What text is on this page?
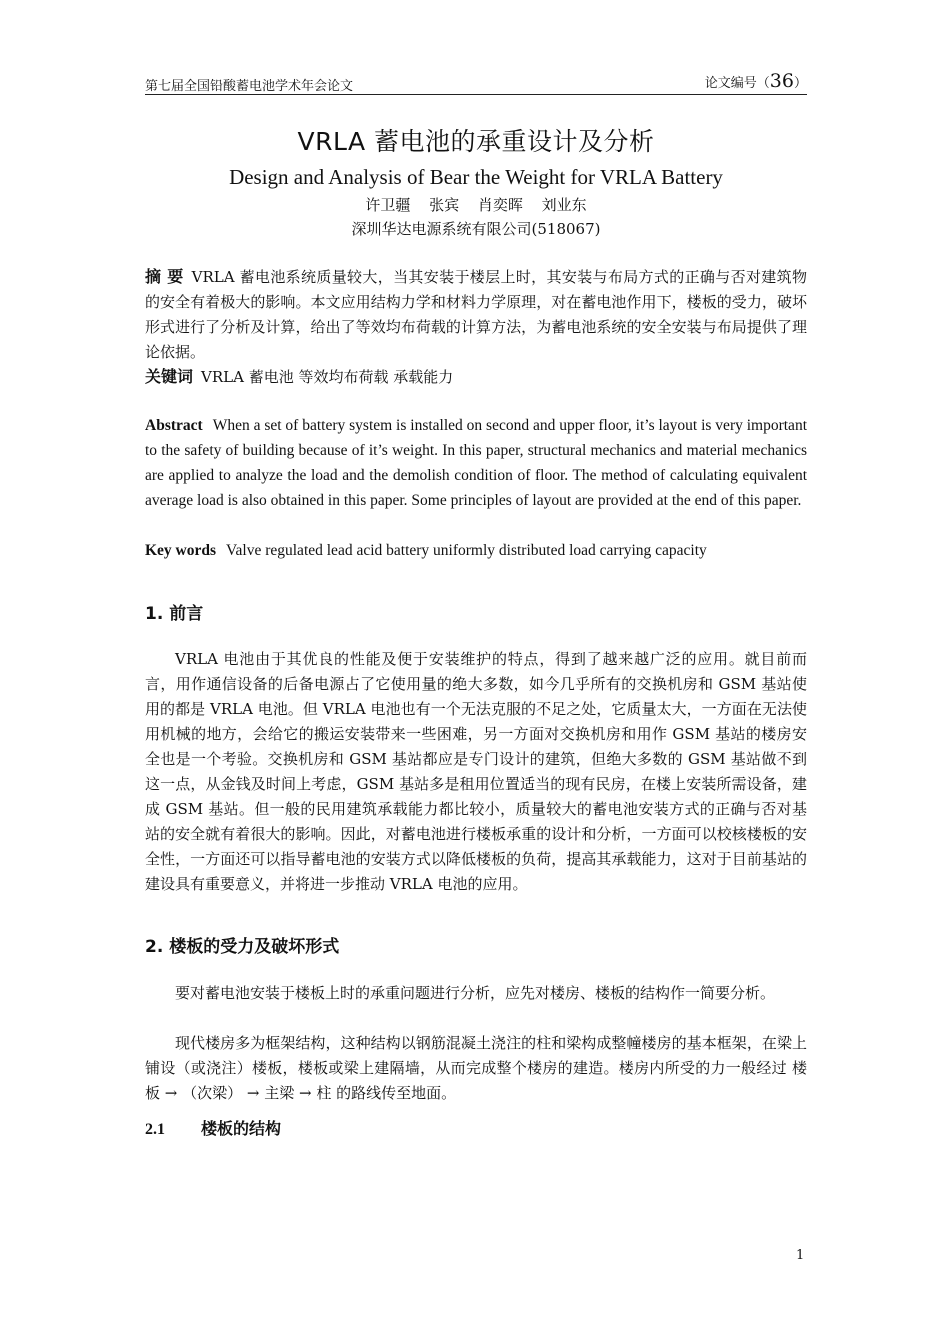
第七届全国铅酸蓄电池学术年会论文	论文编号（36）
VRLA 蓄电池的承重设计及分析
Design and Analysis of Bear the Weight for VRLA Battery
许卫疆 张宾 肖奕晖 刘业东
深圳华达电源系统有限公司(518067)
摘 要 VRLA 蓄电池系统质量较大，当其安装于楼层上时，其安装与布局方式的正确与否对建筑物的安全有着极大的影响。本文应用结构力学和材料力学原理，对在蓄电池作用下，楼板的受力，破坏形式进行了分析及计算，给出了等效均布荷载的计算方法，为蓄电池系统的安全安装与布局提供了理论依据。
关键词 VRLA 蓄电池 等效均布荷载 承载能力
Abstract When a set of battery system is installed on second and upper floor, it’s layout is very important to the safety of building because of it’s weight. In this paper, structural mechanics and material mechanics are applied to analyze the load and the demolish condition of floor. The method of calculating equivalent average load is also obtained in this paper. Some principles of layout are provided at the end of this paper.
Key words Valve regulated lead acid battery uniformly distributed load carrying capacity
1. 前言
VRLA 电池由于其优良的性能及便于安装维护的特点，得到了越来越广泛的应用。就目前而言，用作通信设备的后备电源占了它使用量的绝大多数，如今几乎所有的交换机房和 GSM 基站使用的都是 VRLA 电池。但 VRLA 电池也有一个无法克服的不足之处，它质量太大，一方面在无法使用机械的地方，会给它的搬运安装带来一些困难，另一方面对交换机房和用作 GSM 基站的楼房安全也是一个考验。交换机房和 GSM 基站都应是专门设计的建筑，但绝大多数的 GSM 基站做不到这一点，从金钱及时间上考虑，GSM 基站多是租用位置适当的现有民房，在楼上安装所需设备，建成 GSM 基站。但一般的民用建筑承载能力都比较小，质量较大的蓄电池安装方式的正确与否对基站的安全就有着很大的影响。因此，对蓄电池进行楼板承重的设计和分析，一方面可以校核楼板的安全性，一方面还可以指导蓄电池的安装方式以降低楼板的负荷，提高其承载能力，这对于目前基站的建设具有重要意义，并将进一步推动 VRLA 电池的应用。
2. 楼板的受力及破坏形式
要对蓄电池安装于楼板上时的承重问题进行分析，应先对楼房、楼板的结构作一简要分析。
现代楼房多为框架结构，这种结构以钢筋混凝土浇注的柱和梁构成整幢楼房的基本框架，在梁上铺设（或浇注）楼板，楼板或梁上建隔墙，从而完成整个楼房的建造。楼房内所受的力一般经过 楼板 → （次梁） → 主梁 → 柱 的路线传至地面。
2.1 楼板的结构
1
